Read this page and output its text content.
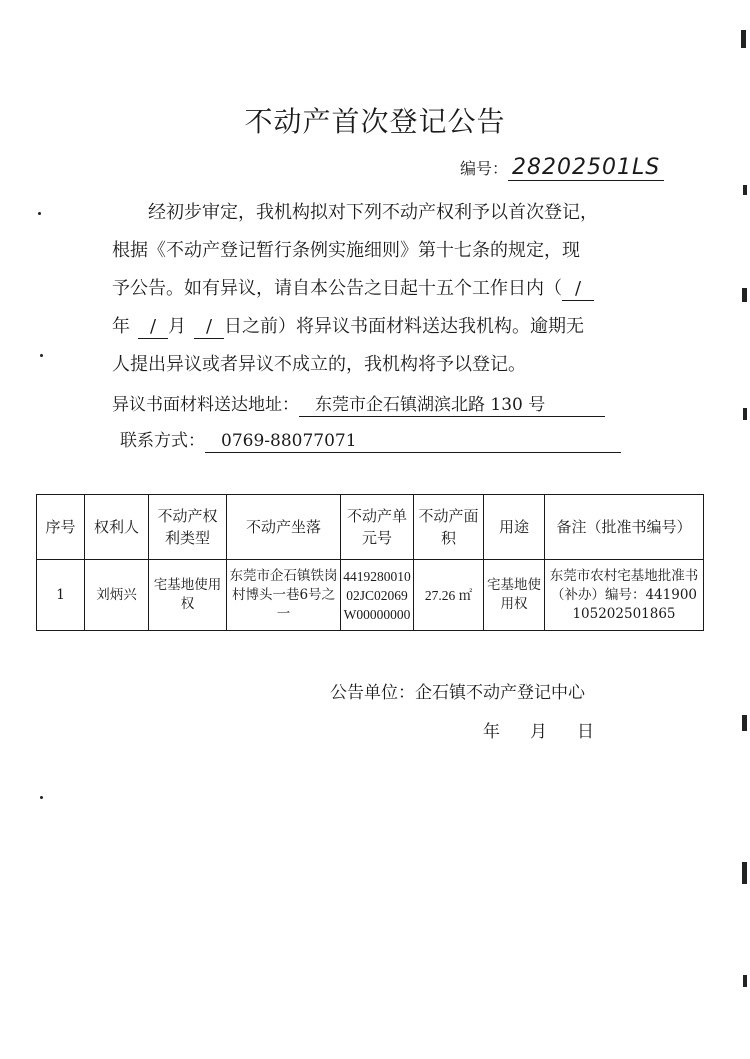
不动产首次登记公告
编号： 28202501LS
经初步审定，我机构拟对下列不动产权利予以首次登记，
根据《不动产登记暂行条例实施细则》第十七条的规定，现
予公告。如有异议，请自本公告之日起十五个工作日内（ /
年 / 月 / 日之前）将异议书面材料送达我机构。逾期无
人提出异议或者异议不成立的，我机构将予以登记。
异议书面材料送达地址： 东莞市企石镇湖滨北路 130 号
联系方式： 0769-88077071
序号	权利人	不动产权利类型	不动产坐落	不动产单元号	不动产面积	用途	备注（批准书编号）
1	刘炳兴	宅基地使用权	东莞市企石镇铁岗村博头一巷6号之一	441928001002JC02069W00000000	27.26 ㎡	宅基地使用权	东莞市农村宅基地批准书（补办）编号：441900105202501865
公告单位：企石镇不动产登记中心
年 月 日
